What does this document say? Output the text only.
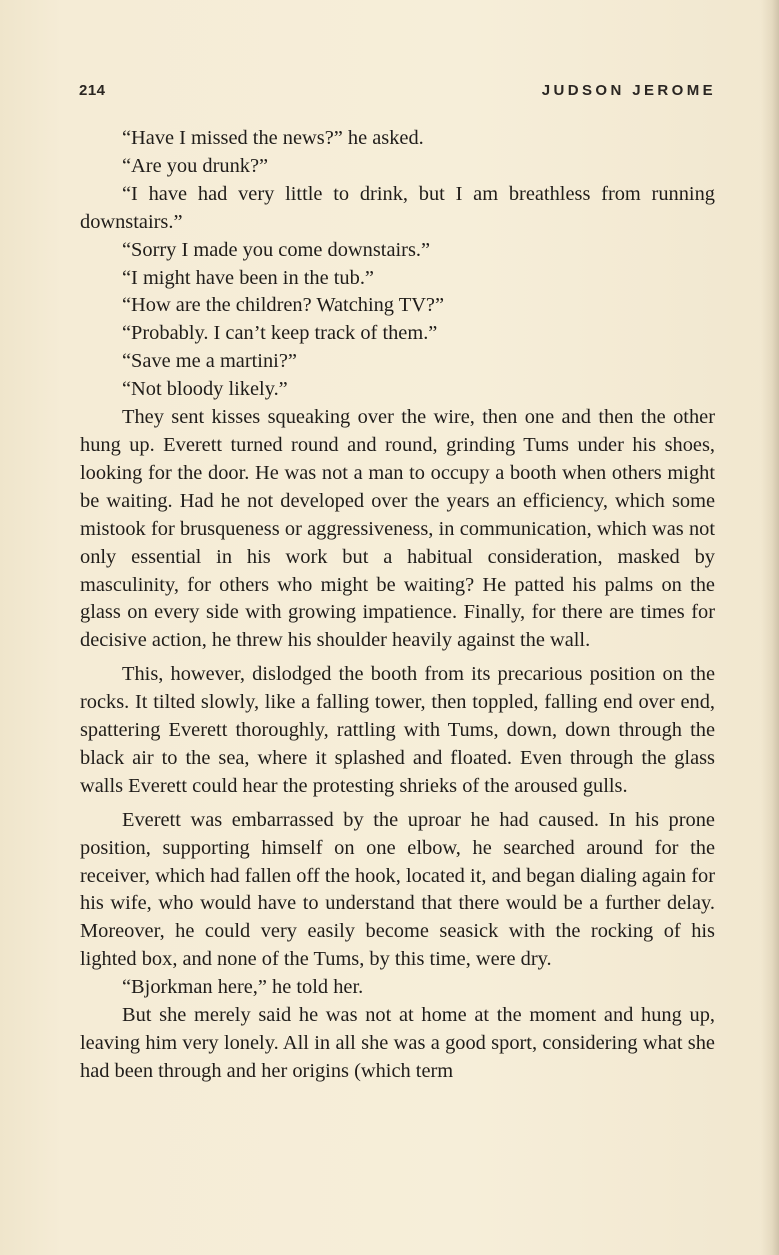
214	JUDSON JEROME

“Have I missed the news?” he asked.

“Are you drunk?”

“I have had very little to drink, but I am breathless from running downstairs.”

“Sorry I made you come downstairs.”

“I might have been in the tub.”

“How are the children? Watching TV?”

“Probably. I can’t keep track of them.”

“Save me a martini?”

“Not bloody likely.”

They sent kisses squeaking over the wire, then one and then the other hung up. Everett turned round and round, grinding Tums under his shoes, looking for the door. He was not a man to occupy a booth when others might be waiting. Had he not developed over the years an efficiency, which some mistook for brusqueness or aggressiveness, in communication, which was not only essential in his work but a habitual consideration, masked by masculinity, for others who might be waiting? He patted his palms on the glass on every side with growing impatience. Finally, for there are times for decisive action, he threw his shoulder heavily against the wall.

This, however, dislodged the booth from its precarious position on the rocks. It tilted slowly, like a falling tower, then toppled, falling end over end, spattering Everett thoroughly, rattling with Tums, down, down through the black air to the sea, where it splashed and floated. Even through the glass walls Everett could hear the protesting shrieks of the aroused gulls.

Everett was embarrassed by the uproar he had caused. In his prone position, supporting himself on one elbow, he searched around for the receiver, which had fallen off the hook, located it, and began dialing again for his wife, who would have to understand that there would be a further delay. Moreover, he could very easily become seasick with the rocking of his lighted box, and none of the Tums, by this time, were dry.

“Bjorkman here,” he told her.

But she merely said he was not at home at the moment and hung up, leaving him very lonely. All in all she was a good sport, considering what she had been through and her origins (which term
